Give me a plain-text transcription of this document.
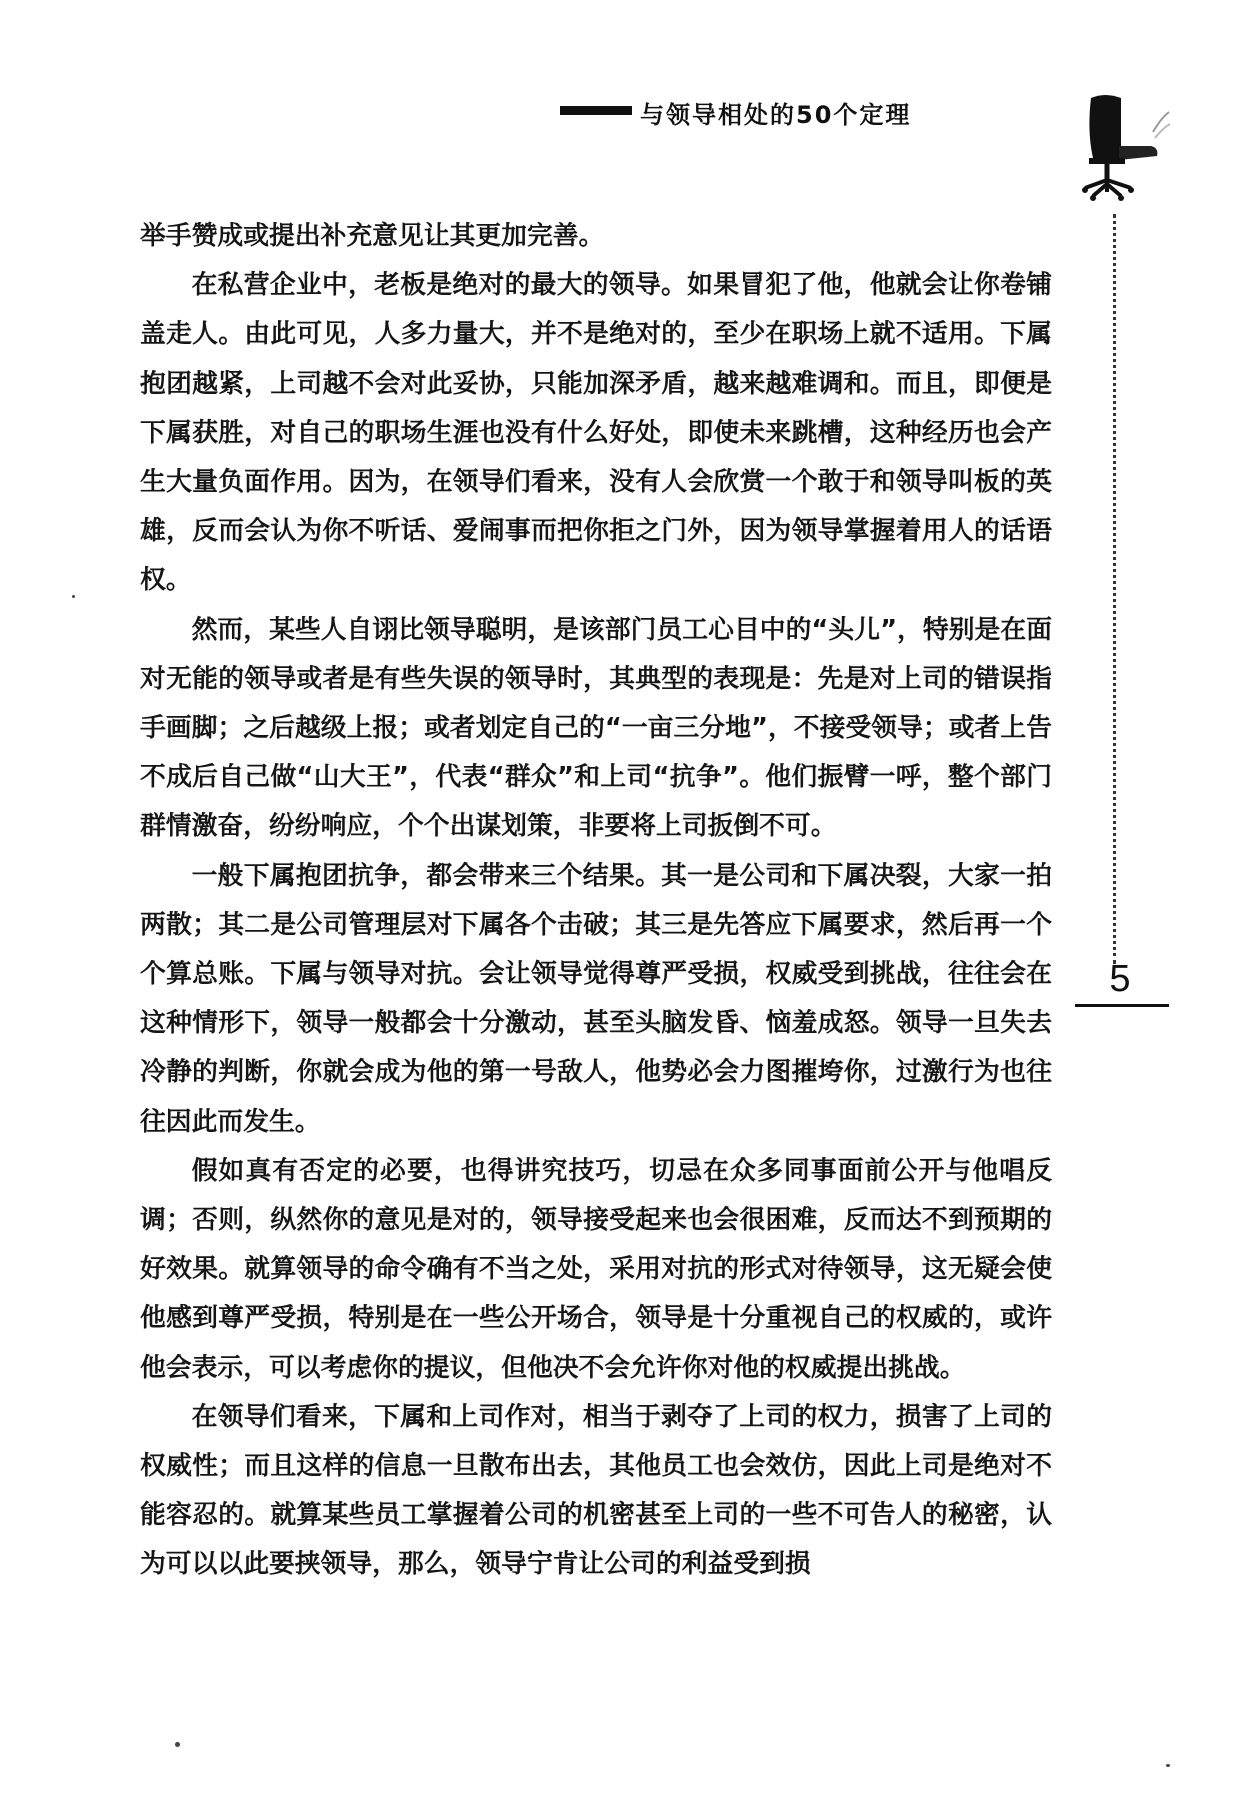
与领导相处的50个定理
5

举手赞成或提出补充意见让其更加完善。

在私营企业中，老板是绝对的最大的领导。如果冒犯了他，他就会让你卷铺盖走人。由此可见，人多力量大，并不是绝对的，至少在职场上就不适用。下属抱团越紧，上司越不会对此妥协，只能加深矛盾，越来越难调和。而且，即便是下属获胜，对自己的职场生涯也没有什么好处，即使未来跳槽，这种经历也会产生大量负面作用。因为，在领导们看来，没有人会欣赏一个敢于和领导叫板的英雄，反而会认为你不听话、爱闹事而把你拒之门外，因为领导掌握着用人的话语权。

然而，某些人自诩比领导聪明，是该部门员工心目中的“头儿”，特别是在面对无能的领导或者是有些失误的领导时，其典型的表现是：先是对上司的错误指手画脚；之后越级上报；或者划定自己的“一亩三分地”，不接受领导；或者上告不成后自己做“山大王”，代表“群众”和上司“抗争”。他们振臂一呼，整个部门群情激奋，纷纷响应，个个出谋划策，非要将上司扳倒不可。

一般下属抱团抗争，都会带来三个结果。其一是公司和下属决裂，大家一拍两散；其二是公司管理层对下属各个击破；其三是先答应下属要求，然后再一个个算总账。下属与领导对抗。会让领导觉得尊严受损，权威受到挑战，往往会在这种情形下，领导一般都会十分激动，甚至头脑发昏、恼羞成怒。领导一旦失去冷静的判断，你就会成为他的第一号敌人，他势必会力图摧垮你，过激行为也往往因此而发生。

假如真有否定的必要，也得讲究技巧，切忌在众多同事面前公开与他唱反调；否则，纵然你的意见是对的，领导接受起来也会很困难，反而达不到预期的好效果。就算领导的命令确有不当之处，采用对抗的形式对待领导，这无疑会使他感到尊严受损，特别是在一些公开场合，领导是十分重视自己的权威的，或许他会表示，可以考虑你的提议，但他决不会允许你对他的权威提出挑战。

在领导们看来，下属和上司作对，相当于剥夺了上司的权力，损害了上司的权威性；而且这样的信息一旦散布出去，其他员工也会效仿，因此上司是绝对不能容忍的。就算某些员工掌握着公司的机密甚至上司的一些不可告人的秘密，认为可以以此要挟领导，那么，领导宁肯让公司的利益受到损
